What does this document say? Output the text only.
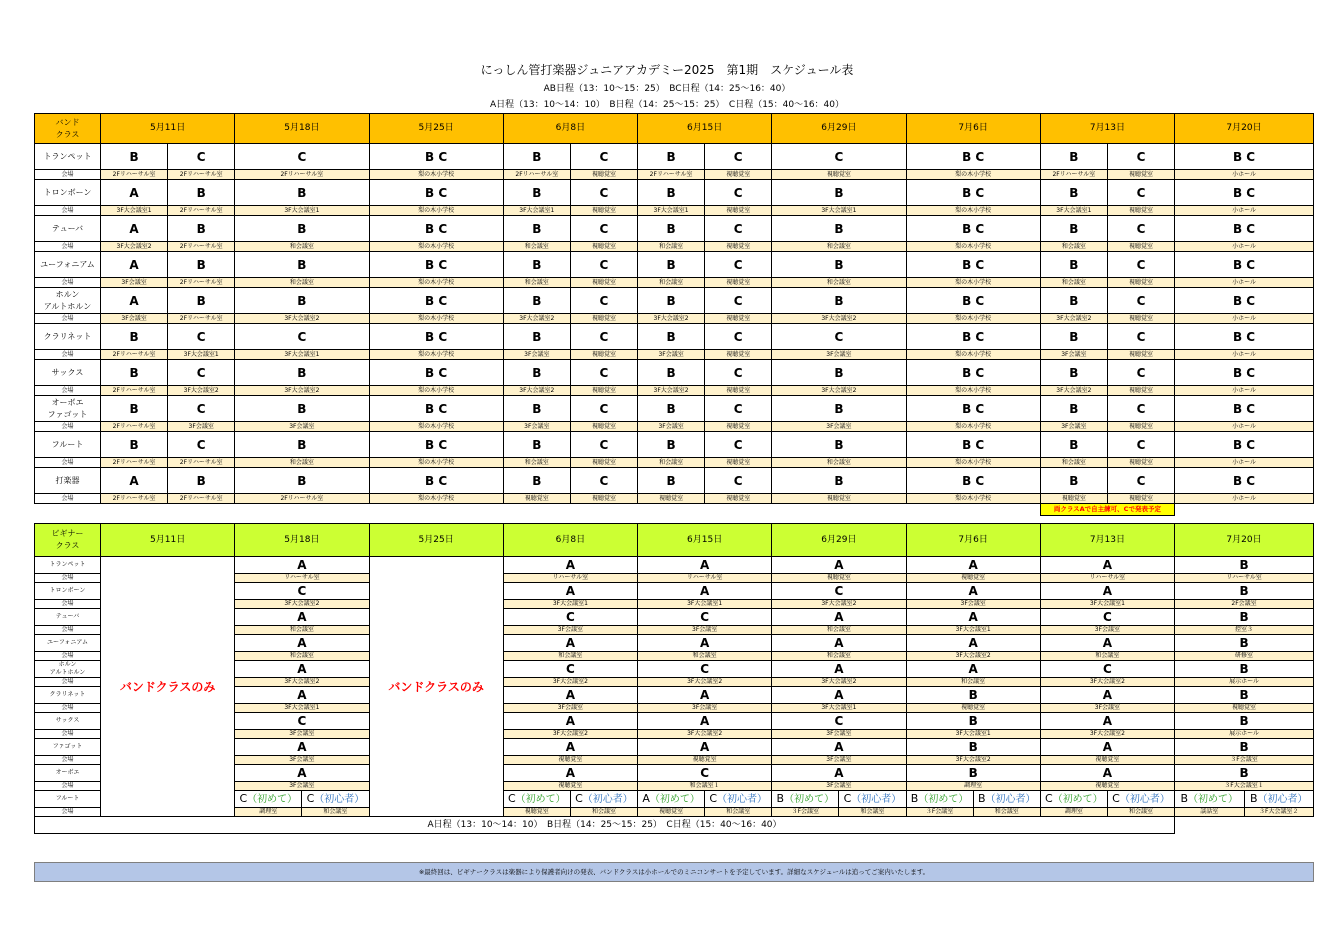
にっしん管打楽器ジュニアアカデミー2025　第1期　スケジュール表
AB日程（13：10〜15：25）　BC日程（14：25〜16：40）
A日程（13：10〜14：10）　B日程（14：25〜15：25）　C日程（15：40〜16：40）
バンド
クラス	5月11日		5月18日	5月25日	6月8日		6月15日		6月29日	7月6日	7月13日		7月20日
トランペット	B	C	C	B C	B	C	B	C	C	B C	B	C	B C
会場	2Fリハーサル室	2Fリハーサル室	2Fリハーサル室	梨の木小学校	2Fリハーサル室	視聴覚室	2Fリハーサル室	視聴覚室	視聴覚室	梨の木小学校	2Fリハーサル室	視聴覚室	小ホール
トロンボーン	A	B	B	B C	B	C	B	C	B	B C	B	C	B C
会場	3F大会議室1	2Fリハーサル室	3F大会議室1	梨の木小学校	3F大会議室1	視聴覚室	3F大会議室1	視聴覚室	3F大会議室1	梨の木小学校	3F大会議室1	視聴覚室	小ホール
テューバ	A	B	B	B C	B	C	B	C	B	B C	B	C	B C
会場	3F大会議室2	2Fリハーサル室	和会議室	梨の木小学校	和会議室	視聴覚室	和会議室	視聴覚室	和会議室	梨の木小学校	和会議室	視聴覚室	小ホール
ユーフォニアム	A	B	B	B C	B	C	B	C	B	B C	B	C	B C
会場	3F会議室	2Fリハーサル室	和会議室	梨の木小学校	和会議室	視聴覚室	和会議室	視聴覚室	和会議室	梨の木小学校	和会議室	視聴覚室	小ホール
ホルン
アルトホルン	A	B	B	B C	B	C	B	C	B	B C	B	C	B C
会場	3F会議室	2Fリハーサル室	3F大会議室2	梨の木小学校	3F大会議室2	視聴覚室	3F大会議室2	視聴覚室	3F大会議室2	梨の木小学校	3F大会議室2	視聴覚室	小ホール
クラリネット	B	C	C	B C	B	C	B	C	C	B C	B	C	B C
会場	2Fリハーサル室	3F大会議室1	3F大会議室1	梨の木小学校	3F会議室	視聴覚室	3F会議室	視聴覚室	3F会議室	梨の木小学校	3F会議室	視聴覚室	小ホール
サックス	B	C	B	B C	B	C	B	C	B	B C	B	C	B C
会場	2Fリハーサル室	3F大会議室2	3F大会議室2	梨の木小学校	3F大会議室2	視聴覚室	3F大会議室2	視聴覚室	3F大会議室2	梨の木小学校	3F大会議室2	視聴覚室	小ホール
オーボエ
ファゴット	B	C	B	B C	B	C	B	C	B	B C	B	C	B C
会場	2Fリハーサル室	3F会議室	3F会議室	梨の木小学校	3F会議室	視聴覚室	3F会議室	視聴覚室	3F会議室	梨の木小学校	3F会議室	視聴覚室	小ホール
フルート	B	C	B	B C	B	C	B	C	B	B C	B	C	B C
会場	2Fリハーサル室	2Fリハーサル室	和会議室	梨の木小学校	和会議室	視聴覚室	和会議室	視聴覚室	和会議室	梨の木小学校	和会議室	視聴覚室	小ホール
打楽器	A	B	B	B C	B	C	B	C	B	B C	B	C	B C
会場	2Fリハーサル室	2Fリハーサル室	2Fリハーサル室	梨の木小学校	視聴覚室	視聴覚室	視聴覚室	視聴覚室	視聴覚室	梨の木小学校	視聴覚室	視聴覚室	小ホール
											両クラスAで自主練可、Cで発表予定		
ビギナー
クラス	5月11日	5月18日		5月25日	6月8日		6月15日		6月29日		7月6日		7月13日		7月20日	
トランペット	バンドクラスのみ	A		バンドクラスのみ	A		A		A		A		A		B	
会場		リハーサル室			リハーサル室		リハーサル室		視聴覚室		視聴覚室		リハーサル室		リハーサル室	
トロンボーン		C			A		A		C		A		A		B	
会場		3F大会議室2			3F大会議室1		3F大会議室1		3F大会議室2		3F会議室		3F大会議室1		2F会議室	
テューバ		A			C		C		A		A		C		B	
会場		和会議室			3F会議室		3F会議室		和会議室		3F大会議室1		3F会議室		控室３	
ユーフォニアム		A			A		A		A		A		A		B	
会場		和会議室			和会議室		和会議室		和会議室		3F大会議室2		和会議室		研修室	
ホルン
アルトホルン		A			C		C		A		A		C		B	
会場		3F大会議室2			3F大会議室2		3F大会議室2		3F大会議室2		和会議室		3F大会議室2		展示ホール	
クラリネット		A			A		A		A		B		A		B	
会場		3F大会議室1			3F会議室		3F会議室		3F大会議室1		視聴覚室		3F会議室		視聴覚室	
サックス		C			A		A		C		B		A		B	
会場		3F会議室			3F大会議室2		3F大会議室2		3F会議室		3F大会議室1		3F大会議室2		展示ホール	
ファゴット		A			A		A		A		B		A		B	
会場		3F会議室			視聴覚室		視聴覚室		3F会議室		3F大会議室2		視聴覚室		３F会議室	
オーボエ		A			A		C		A		B		A		B	
会場		3F会議室			視聴覚室		和会議室１		3F会議室		調理室		視聴覚室		３F大会議室１	
フルート		C（初めて）	C（初心者）		C（初めて）	C（初心者）	A（初めて）	C（初心者）	B（初めて）	C（初心者）	B（初めて）	B（初心者）	C（初めて）	C（初心者）	B（初めて）	B（初心者）
会場		調理室	和会議室		視聴覚室	和会議室	視聴覚室	和会議室	３F会議室	和会議室	３F会議室	和会議室	調理室	和会議室	談話室	３F大会議室２
A日程（13：10〜14：10）　B日程（14：25〜15：25）　C日程（15：40〜16：40）																
※最終回は、ビギナークラスは楽器により保護者向けの発表、バンドクラスは小ホールでのミニコンサートを予定しています。詳細なスケジュールは追ってご案内いたします。
